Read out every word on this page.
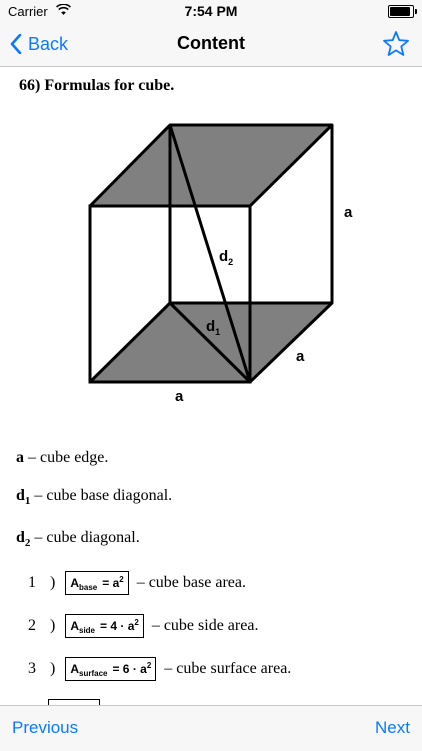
Carrier	7:54 PM
Back	Content
66) Formulas for cube.
a
a
a
$d_2$
$d_1$
a – cube edge.
$d_1$ – cube base diagonal.
$d_2$ – cube diagonal.
1 ) A base = a 2 – cube base area.
2 ) A side = 4 · a 2 – cube side area.
3 ) A surface = 6 · a 2 – cube surface area.
Previous	Next
